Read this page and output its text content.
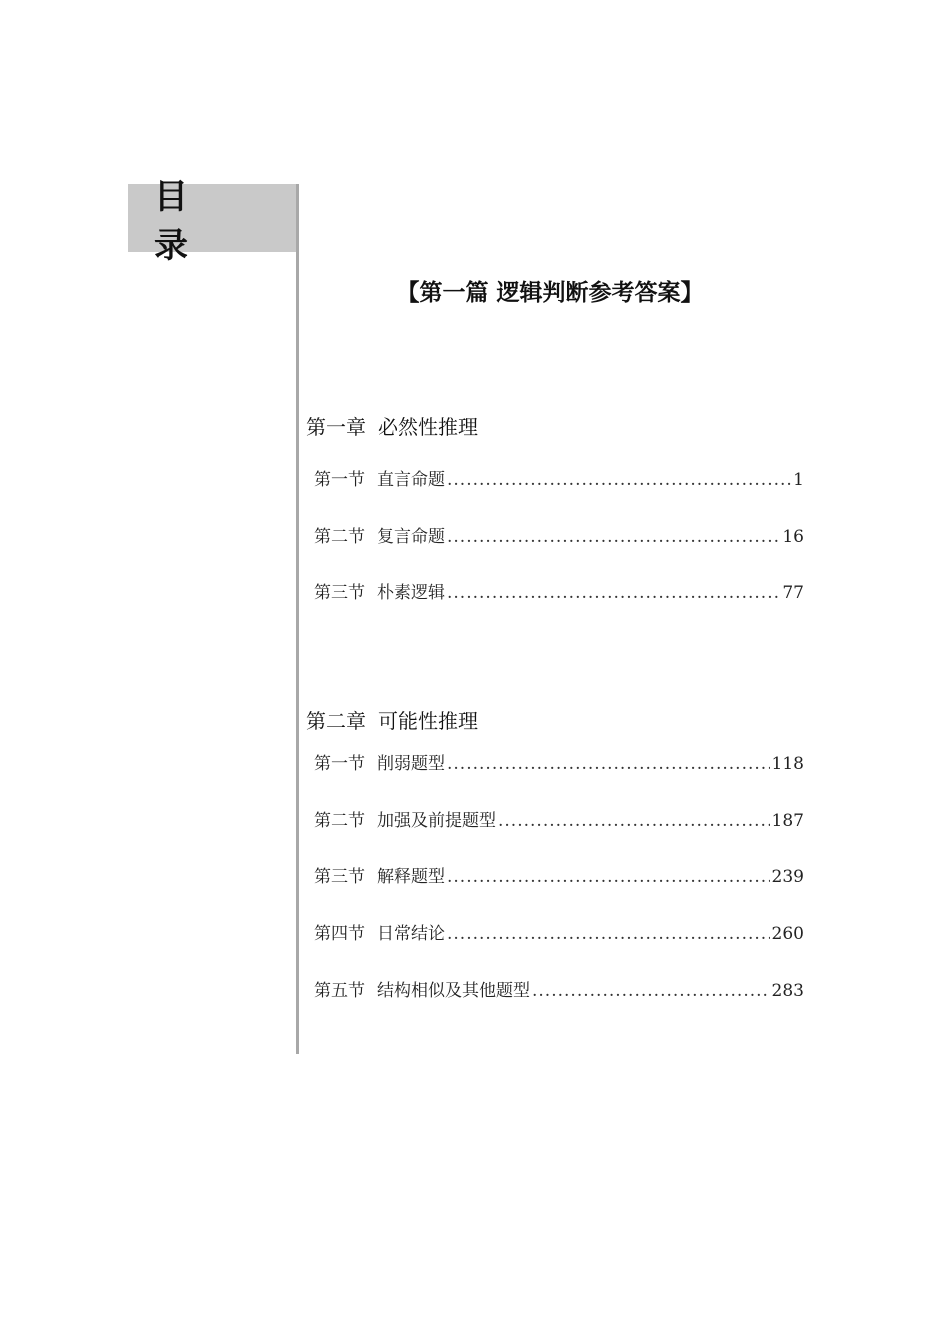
目 录
【第一篇 逻辑判断参考答案】
第一章 必然性推理
第一节 直言命题 .....	1
第二节 复言命题 .....	16
第三节 朴素逻辑 .....	77
第二章 可能性推理
第一节 削弱题型 .....	118
第二节 加强及前提题型 .....	187
第三节 解释题型 .....	239
第四节 日常结论 .....	260
第五节 结构相似及其他题型 .....	283
